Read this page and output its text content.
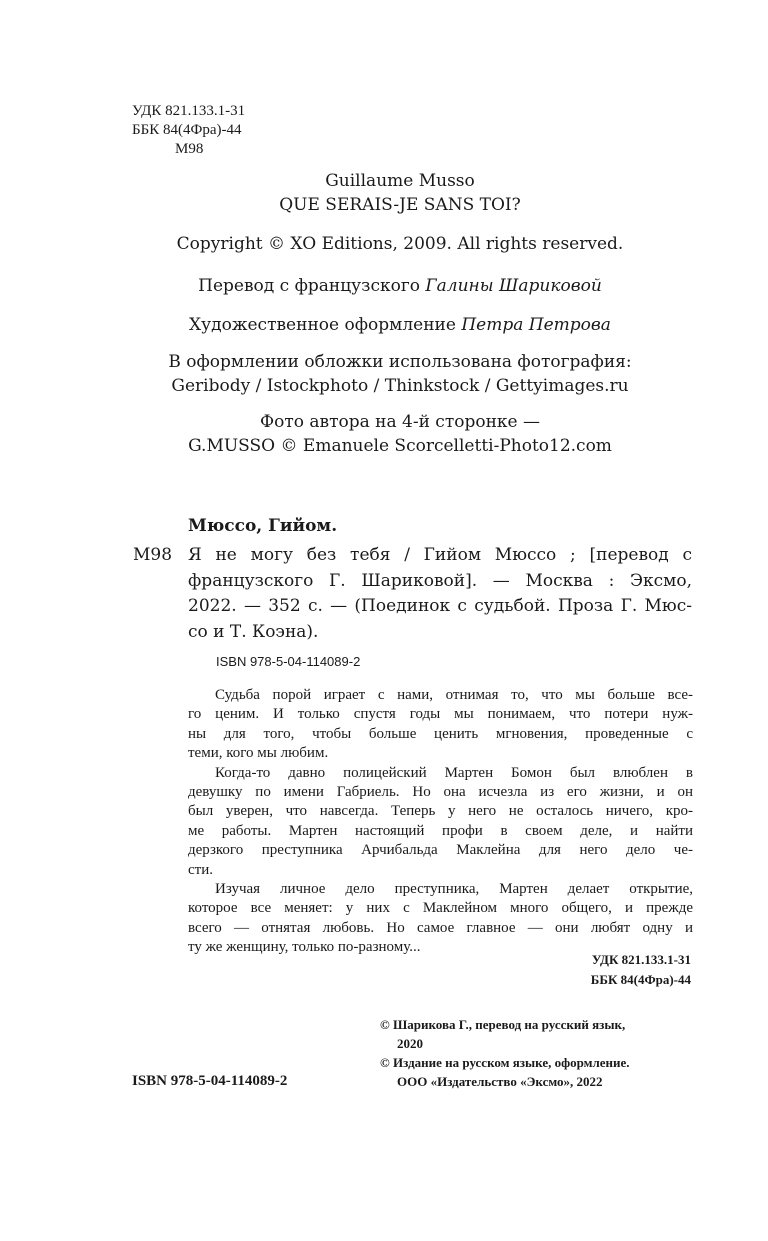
УДК 821.133.1-31
ББК 84(4Фра)-44
М98
Guillaume Musso
QUE SERAIS-JE SANS TOI?
Copyright © XO Editions, 2009. All rights reserved.
Перевод с французского Галины Шариковой
Художественное оформление Петра Петрова
В оформлении обложки использована фотография:
Geribody / Istockphoto / Thinkstock / Gettyimages.ru
Фото автора на 4-й сторонке —
G.MUSSO © Emanuele Scorcelletti-Photo12.com
Мюссо, Гийом.
М98 Я не могу без тебя / Гийом Мюссо ; [перевод с
французского Г. Шариковой]. — Москва : Эксмо,
2022. — 352 с. — (Поединок с судьбой. Проза Г. Мюс-
со и Т. Коэна).
ISBN 978-5-04-114089-2
Судьба порой играет с нами, отнимая то, что мы больше все-
го ценим. И только спустя годы мы понимаем, что потери нуж-
ны для того, чтобы больше ценить мгновения, проведенные с
теми, кого мы любим.
Когда-то давно полицейский Мартен Бомон был влюблен в
девушку по имени Габриель. Но она исчезла из его жизни, и он
был уверен, что навсегда. Теперь у него не осталось ничего, кро-
ме работы. Мартен настоящий профи в своем деле, и найти
дерзкого преступника Арчибальда Маклейна для него дело че-
сти.
Изучая личное дело преступника, Мартен делает открытие,
которое все меняет: у них с Маклейном много общего, и прежде
всего — отнятая любовь. Но самое главное — они любят одну и
ту же женщину, только по-разному...
УДК 821.133.1-31
ББК 84(4Фра)-44
© Шарикова Г., перевод на русский язык,
2020
© Издание на русском языке, оформление.
ООО «Издательство «Эксмо», 2022
ISBN 978-5-04-114089-2
